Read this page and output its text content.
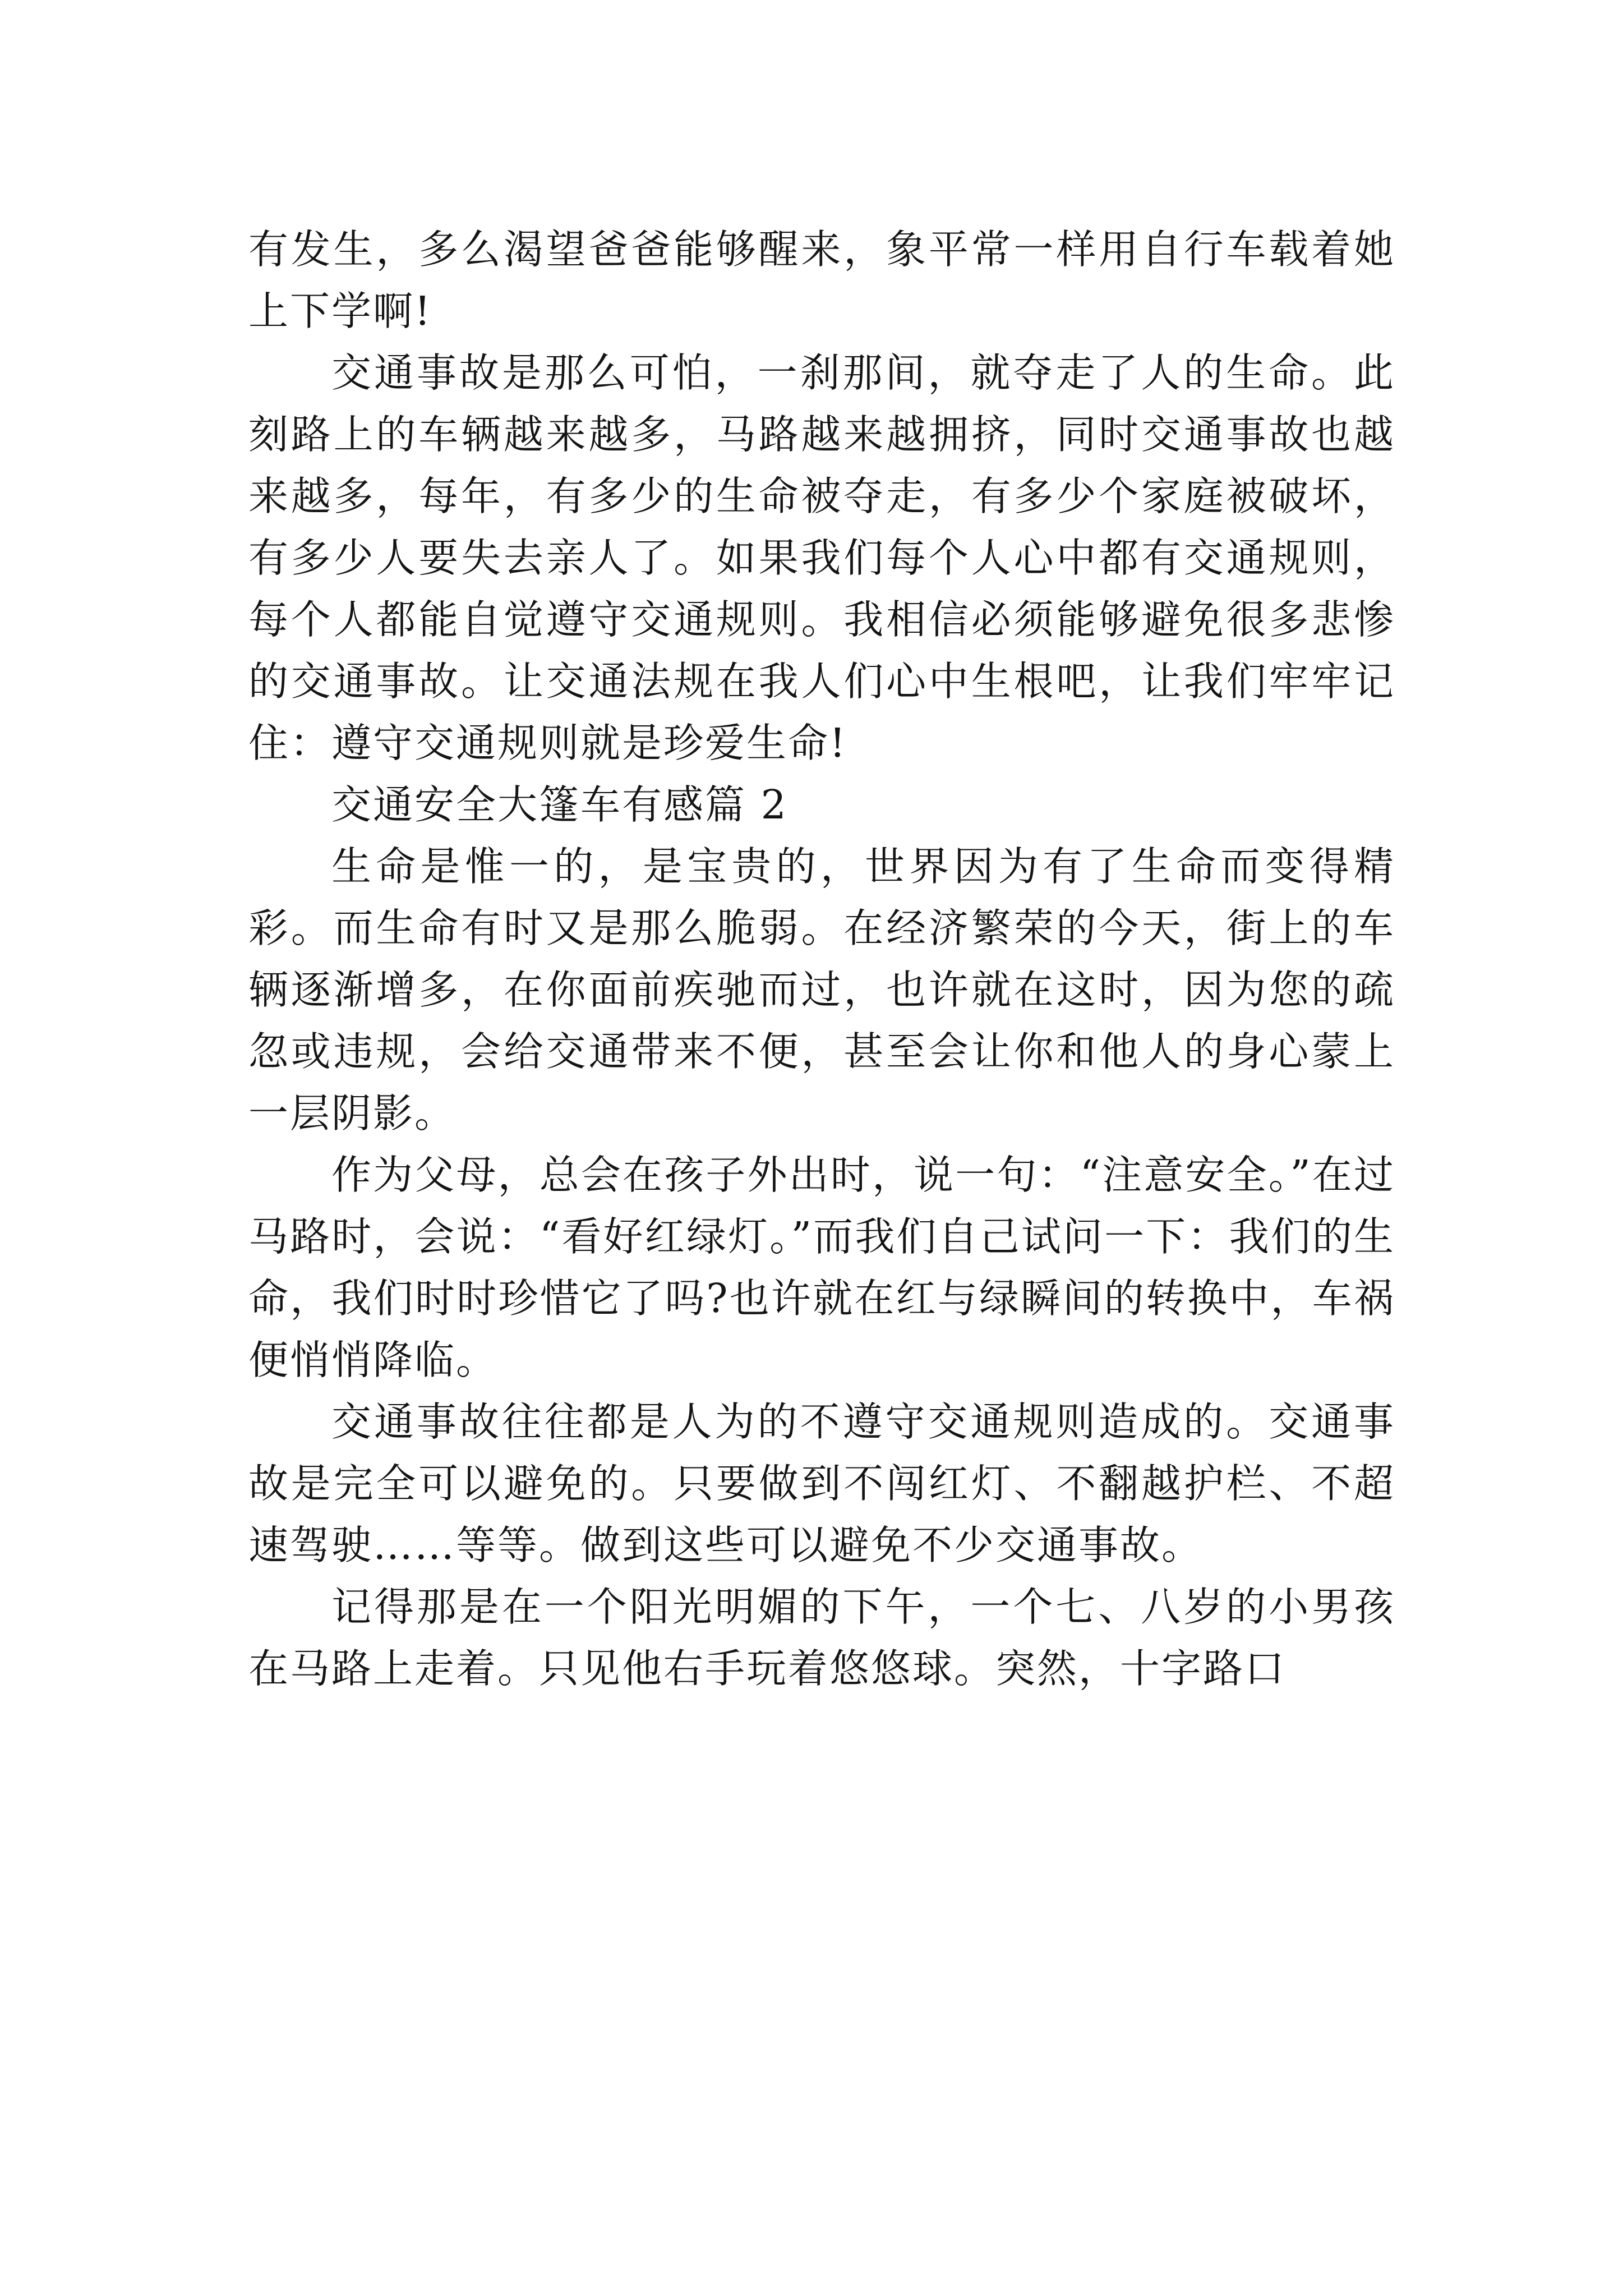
有发生，多么渴望爸爸能够醒来，象平常一样用自行车载着她上下学啊!

交通事故是那么可怕，一刹那间，就夺走了人的生命。此刻路上的车辆越来越多，马路越来越拥挤，同时交通事故也越来越多，每年，有多少的生命被夺走，有多少个家庭被破坏，有多少人要失去亲人了。如果我们每个人心中都有交通规则，每个人都能自觉遵守交通规则。我相信必须能够避免很多悲惨的交通事故。让交通法规在我人们心中生根吧，让我们牢牢记住：遵守交通规则就是珍爱生命!

交通安全大篷车有感篇 2

生命是惟一的，是宝贵的，世界因为有了生命而变得精彩。而生命有时又是那么脆弱。在经济繁荣的今天，街上的车辆逐渐增多，在你面前疾驰而过，也许就在这时，因为您的疏忽或违规，会给交通带来不便，甚至会让你和他人的身心蒙上一层阴影。

作为父母，总会在孩子外出时，说一句：“注意安全。”在过马路时，会说：“看好红绿灯。”而我们自己试问一下：我们的生命，我们时时珍惜它了吗?也许就在红与绿瞬间的转换中，车祸便悄悄降临。

交通事故往往都是人为的不遵守交通规则造成的。交通事故是完全可以避免的。只要做到不闯红灯、不翻越护栏、不超速驾驶……等等。做到这些可以避免不少交通事故。

记得那是在一个阳光明媚的下午，一个七、八岁的小男孩在马路上走着。只见他右手玩着悠悠球。突然，十字路口
